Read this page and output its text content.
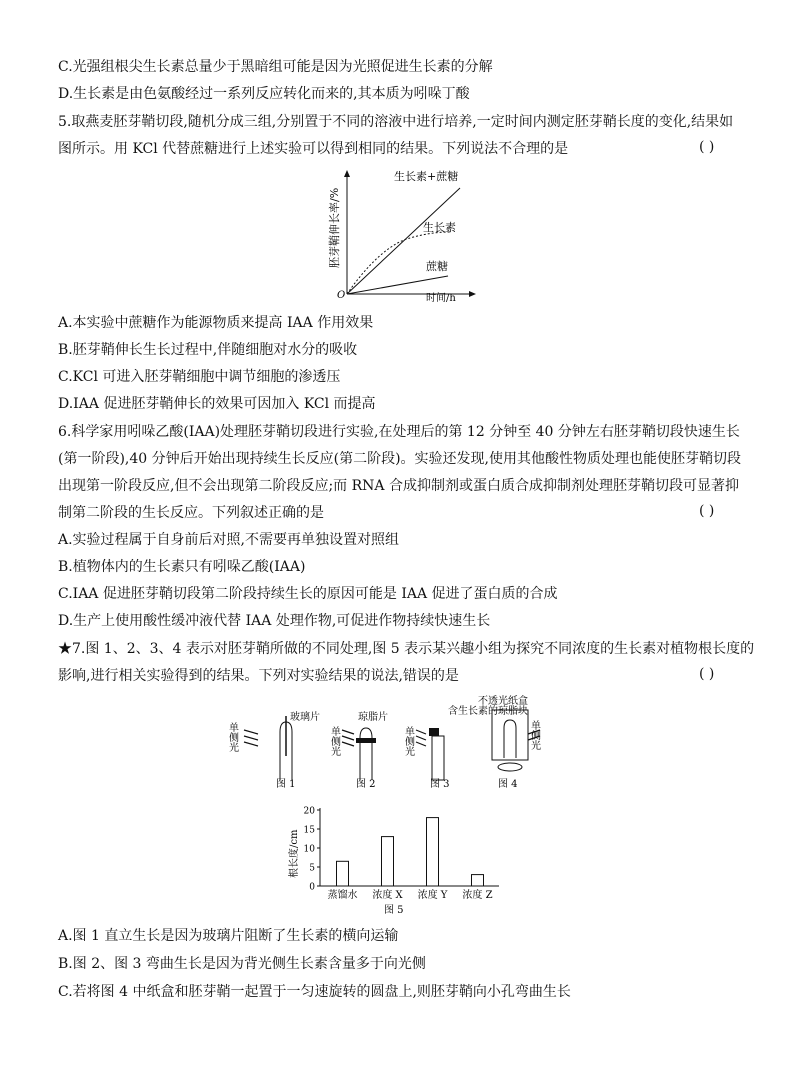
C.光强组根尖生长素总量少于黑暗组可能是因为光照促进生长素的分解
D.生长素是由色氨酸经过一系列反应转化而来的,其本质为吲哚丁酸
5.取燕麦胚芽鞘切段,随机分成三组,分别置于不同的溶液中进行培养,一定时间内测定胚芽鞘长度的变化,结果如
图所示。用 KCl 代替蔗糖进行上述实验可以得到相同的结果。下列说法不合理的是	( )
胚芽鞘伸长率/%
O	时间/h
生长素+蔗糖
生长素
蔗糖
A.本实验中蔗糖作为能源物质来提高 IAA 作用效果
B.胚芽鞘伸长生长过程中,伴随细胞对水分的吸收
C.KCl 可进入胚芽鞘细胞中调节细胞的渗透压
D.IAA 促进胚芽鞘伸长的效果可因加入 KCl 而提高
6.科学家用吲哚乙酸(IAA)处理胚芽鞘切段进行实验,在处理后的第 12 分钟至 40 分钟左右胚芽鞘切段快速生长
(第一阶段),40 分钟后开始出现持续生长反应(第二阶段)。实验还发现,使用其他酸性物质处理也能使胚芽鞘切段
出现第一阶段反应,但不会出现第二阶段反应;而 RNA 合成抑制剂或蛋白质合成抑制剂处理胚芽鞘切段可显著抑
制第二阶段的生长反应。下列叙述正确的是	( )
A.实验过程属于自身前后对照,不需要再单独设置对照组
B.植物体内的生长素只有吲哚乙酸(IAA)
C.IAA 促进胚芽鞘切段第二阶段持续生长的原因可能是 IAA 促进了蛋白质的合成
D.生产上使用酸性缓冲液代替 IAA 处理作物,可促进作物持续快速生长
★7.图 1、2、3、4 表示对胚芽鞘所做的不同处理,图 5 表示某兴趣小组为探究不同浓度的生长素对植物根长度的
影响,进行相关实验得到的结果。下列对实验结果的说法,错误的是	( )
单侧光
玻璃片
图 1
单侧光
琼脂片
图 2
单侧光
含生长素的琼脂块
图 3
不透光纸盒
单侧光
图 4
根长度/cm
图 5
0
5
10
15
20
蒸馏水 浓度 X 浓度 Y 浓度 Z
A.图 1 直立生长是因为玻璃片阻断了生长素的横向运输
B.图 2、图 3 弯曲生长是因为背光侧生长素含量多于向光侧
C.若将图 4 中纸盒和胚芽鞘一起置于一匀速旋转的圆盘上,则胚芽鞘向小孔弯曲生长
